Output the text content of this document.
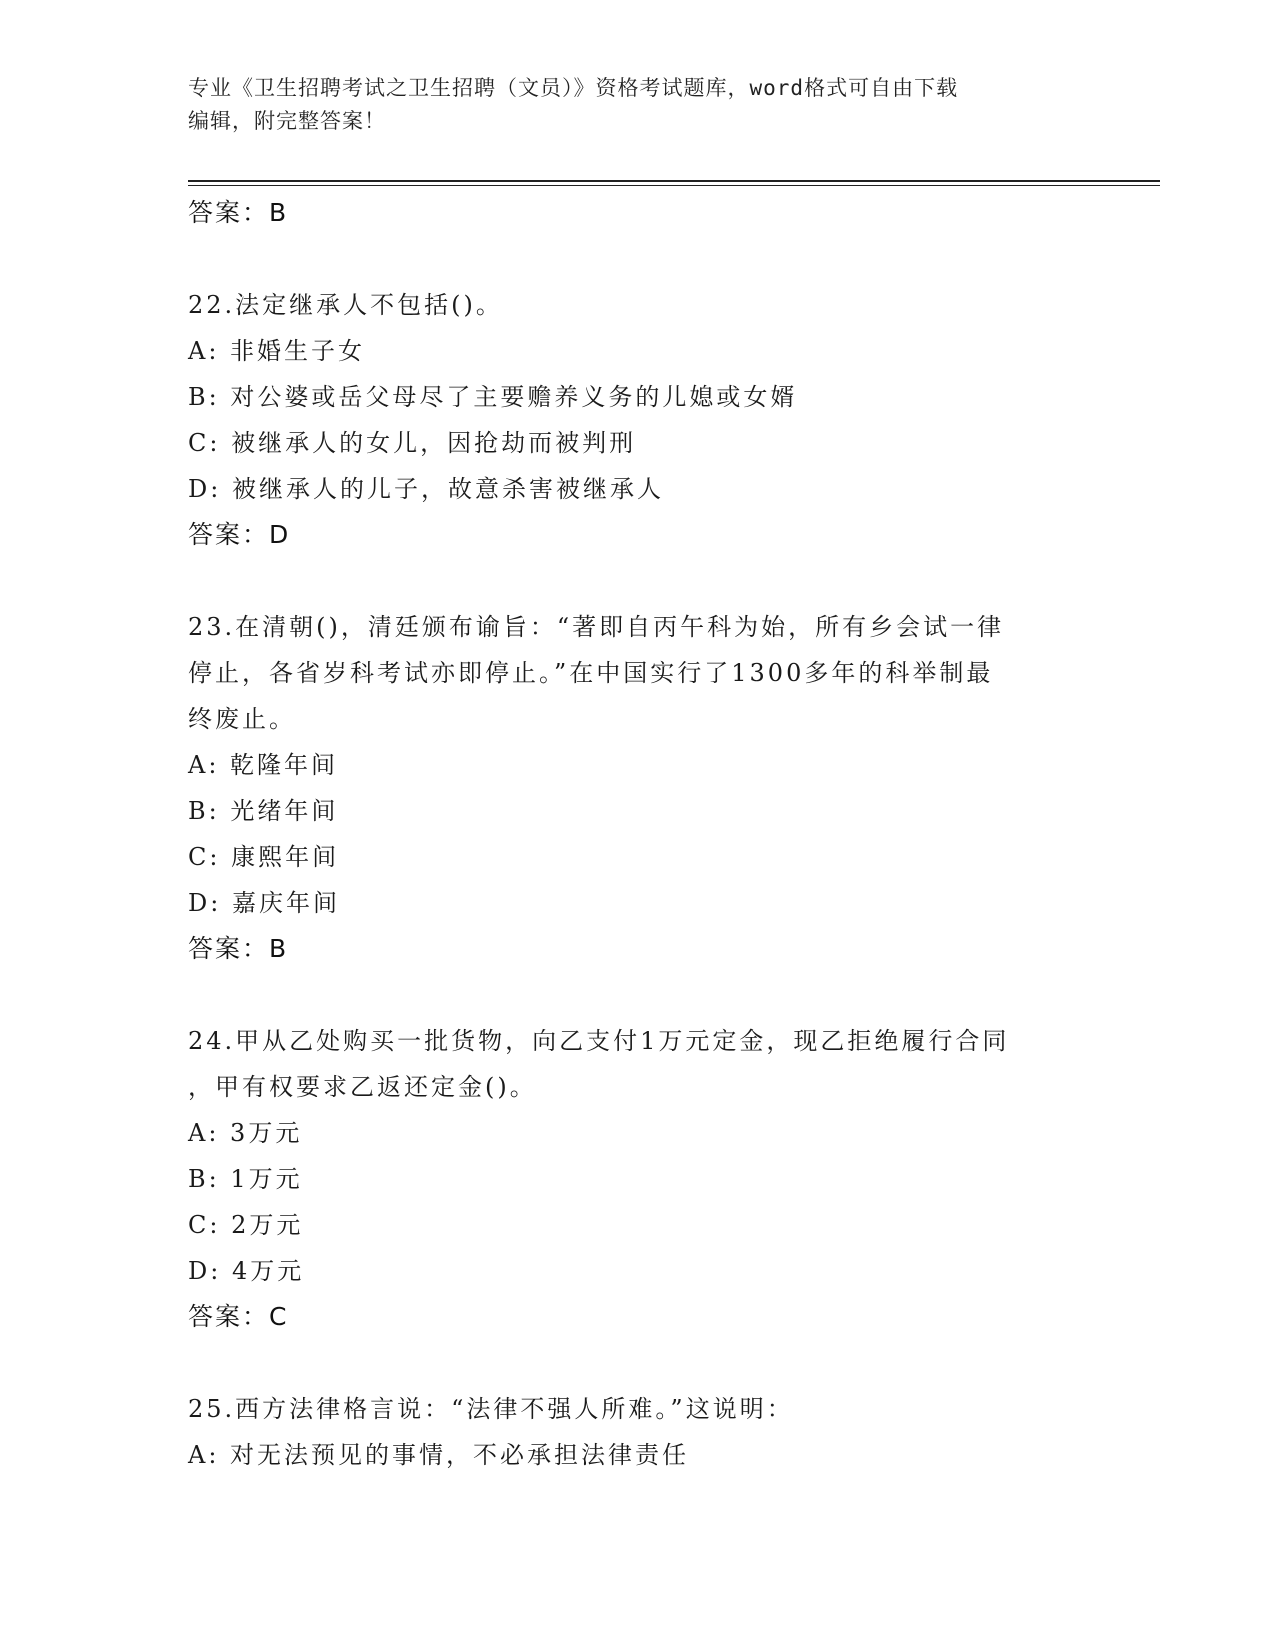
专业《卫生招聘考试之卫生招聘（文员）》资格考试题库，word格式可自由下载
编辑，附完整答案！
答案：B
22.法定继承人不包括()。
A: 非婚生子女
B: 对公婆或岳父母尽了主要赡养义务的儿媳或女婿
C: 被继承人的女儿，因抢劫而被判刑
D: 被继承人的儿子，故意杀害被继承人
答案：D
23.在清朝()，清廷颁布谕旨：“著即自丙午科为始，所有乡会试一律
停止，各省岁科考试亦即停止。”在中国实行了1300多年的科举制最
终废止。
A: 乾隆年间
B: 光绪年间
C: 康熙年间
D: 嘉庆年间
答案：B
24.甲从乙处购买一批货物，向乙支付1万元定金，现乙拒绝履行合同
，甲有权要求乙返还定金()。
A: 3万元
B: 1万元
C: 2万元
D: 4万元
答案：C
25.西方法律格言说：“法律不强人所难。”这说明：
A: 对无法预见的事情，不必承担法律责任
